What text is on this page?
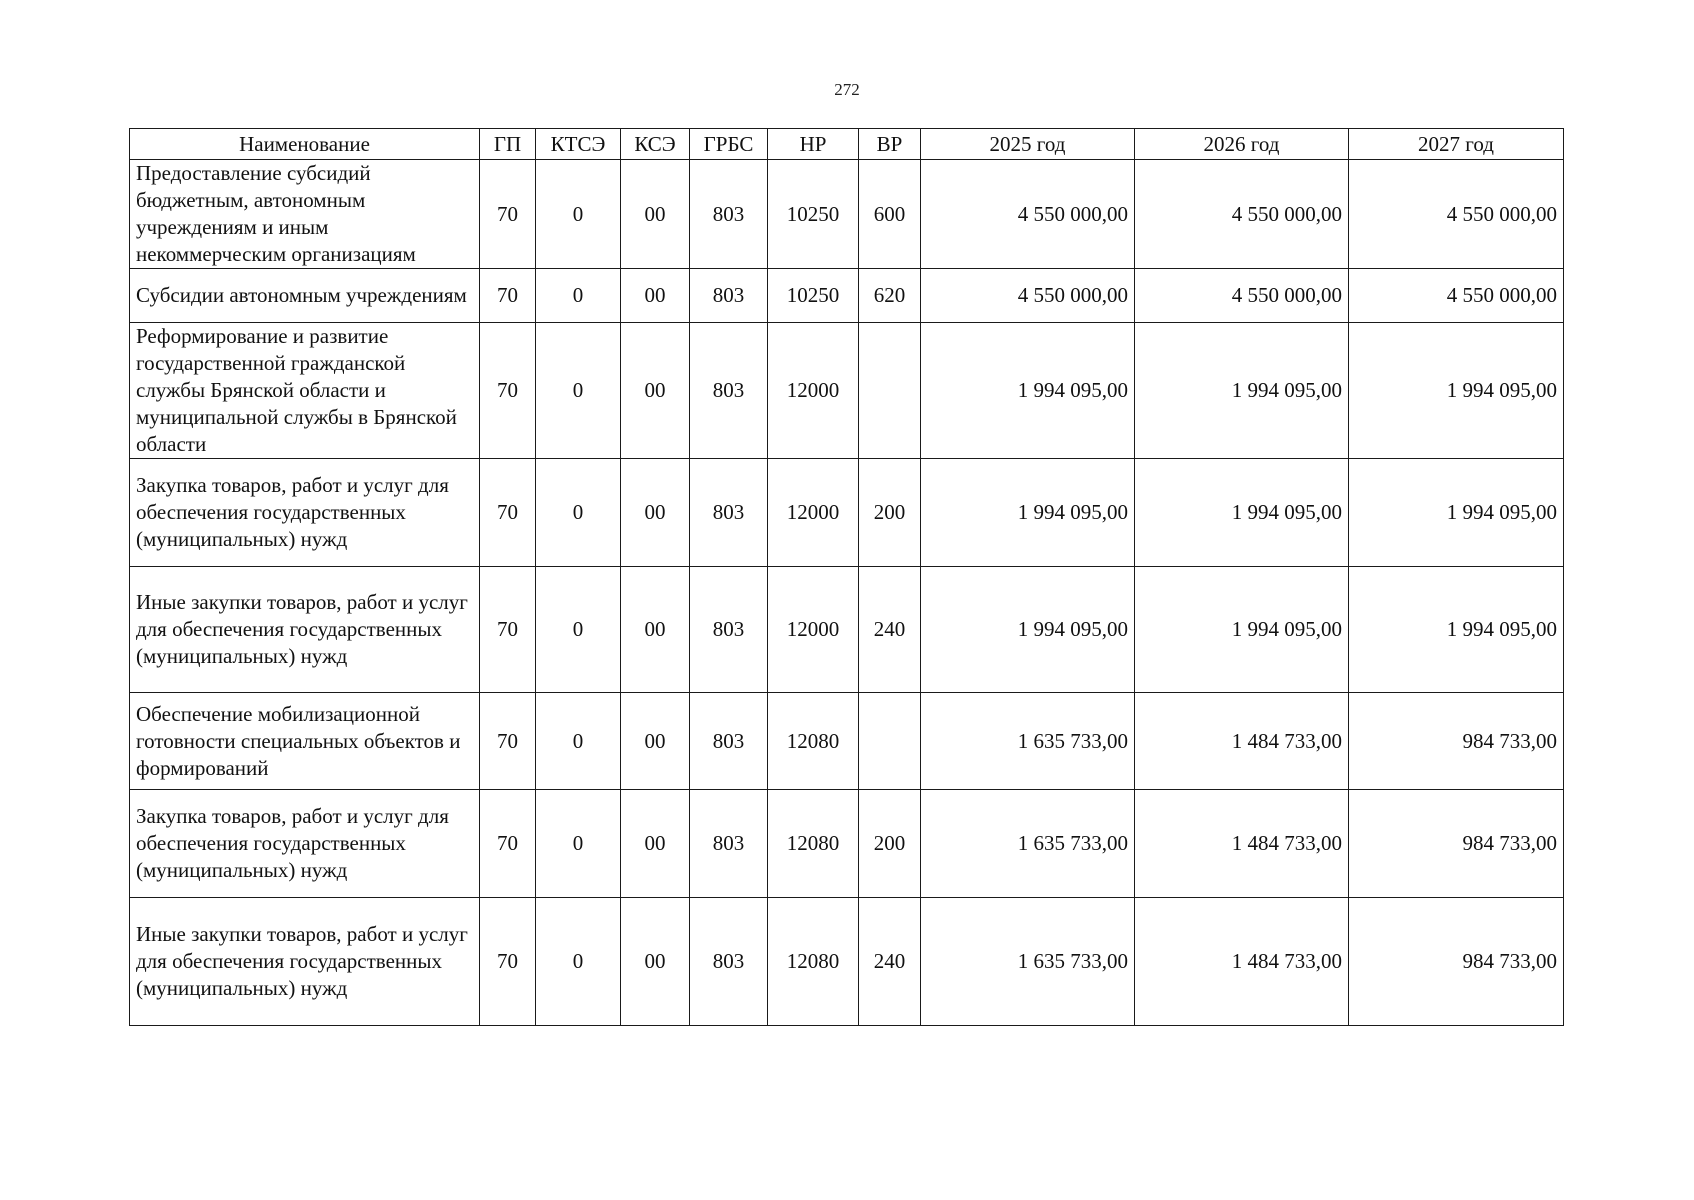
272
Наименование	ГП	КТСЭ	КСЭ	ГРБС	НР	ВР	2025 год	2026 год	2027 год
Предоставление субсидий бюджетным, автономным учреждениям и иным некоммерческим организациям	70	0	00	803	10250	600	4 550 000,00	4 550 000,00	4 550 000,00
Субсидии автономным учреждениям	70	0	00	803	10250	620	4 550 000,00	4 550 000,00	4 550 000,00
Реформирование и развитие государственной гражданской службы Брянской области и муниципальной службы в Брянской области	70	0	00	803	12000		1 994 095,00	1 994 095,00	1 994 095,00
Закупка товаров, работ и услуг для обеспечения государственных (муниципальных) нужд	70	0	00	803	12000	200	1 994 095,00	1 994 095,00	1 994 095,00
Иные закупки товаров, работ и услуг для обеспечения государственных (муниципальных) нужд	70	0	00	803	12000	240	1 994 095,00	1 994 095,00	1 994 095,00
Обеспечение мобилизационной готовности специальных объектов и формирований	70	0	00	803	12080		1 635 733,00	1 484 733,00	984 733,00
Закупка товаров, работ и услуг для обеспечения государственных (муниципальных) нужд	70	0	00	803	12080	200	1 635 733,00	1 484 733,00	984 733,00
Иные закупки товаров, работ и услуг для обеспечения государственных (муниципальных) нужд	70	0	00	803	12080	240	1 635 733,00	1 484 733,00	984 733,00
